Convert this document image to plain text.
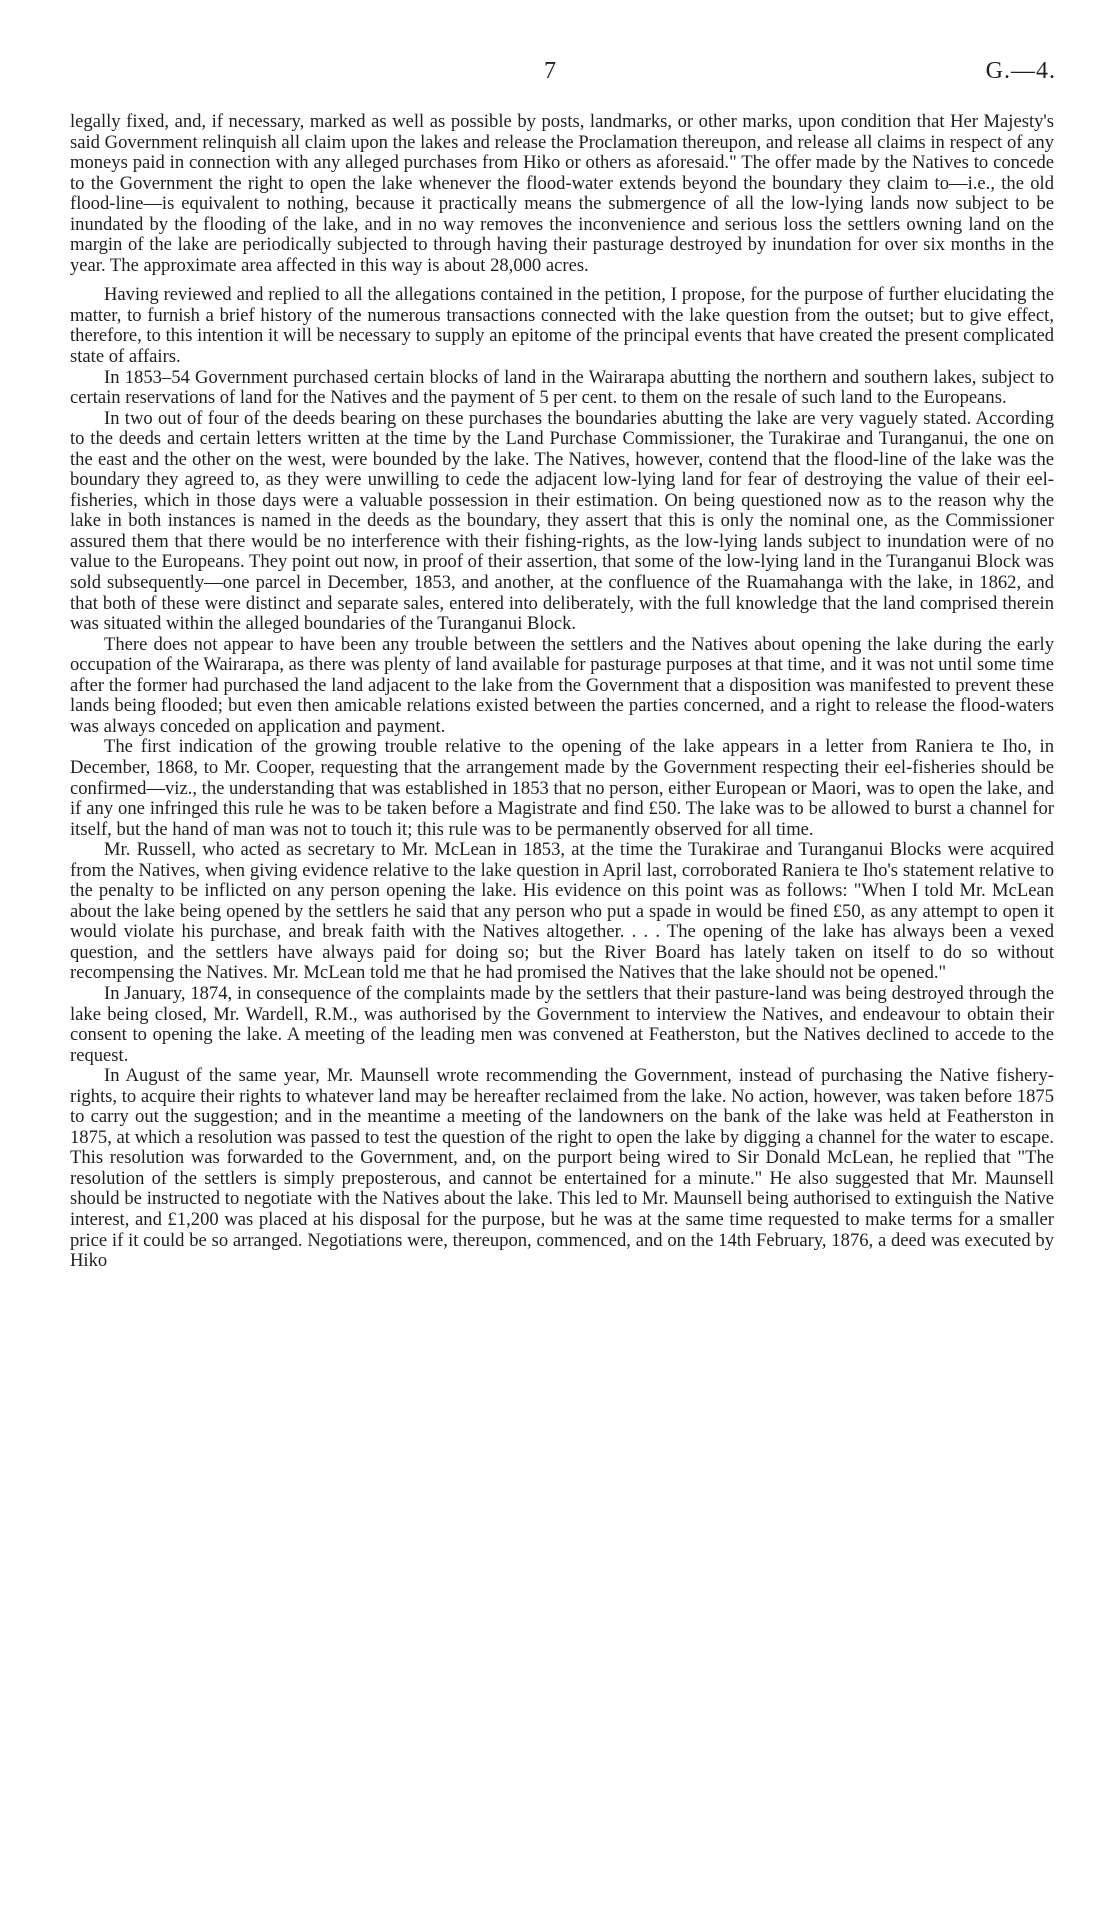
7	G.—4.

legally fixed, and, if necessary, marked as well as possible by posts, landmarks, or other marks, upon condition that Her Majesty's said Government relinquish all claim upon the lakes and release the Proclamation thereupon, and release all claims in respect of any moneys paid in connection with any alleged purchases from Hiko or others as aforesaid." The offer made by the Natives to concede to the Government the right to open the lake whenever the flood-water extends beyond the boundary they claim to—i.e., the old flood-line—is equivalent to nothing, because it practically means the submergence of all the low-lying lands now subject to be inundated by the flooding of the lake, and in no way removes the inconvenience and serious loss the settlers owning land on the margin of the lake are periodically subjected to through having their pasturage destroyed by inundation for over six months in the year. The approximate area affected in this way is about 28,000 acres.

Having reviewed and replied to all the allegations contained in the petition, I propose, for the purpose of further elucidating the matter, to furnish a brief history of the numerous transactions connected with the lake question from the outset; but to give effect, therefore, to this intention it will be necessary to supply an epitome of the principal events that have created the present complicated state of affairs.

In 1853–54 Government purchased certain blocks of land in the Wairarapa abutting the northern and southern lakes, subject to certain reservations of land for the Natives and the payment of 5 per cent. to them on the resale of such land to the Europeans.

In two out of four of the deeds bearing on these purchases the boundaries abutting the lake are very vaguely stated. According to the deeds and certain letters written at the time by the Land Purchase Commissioner, the Turakirae and Turanganui, the one on the east and the other on the west, were bounded by the lake. The Natives, however, contend that the flood-line of the lake was the boundary they agreed to, as they were unwilling to cede the adjacent low-lying land for fear of destroying the value of their eel-fisheries, which in those days were a valuable possession in their estimation. On being questioned now as to the reason why the lake in both instances is named in the deeds as the boundary, they assert that this is only the nominal one, as the Commissioner assured them that there would be no interference with their fishing-rights, as the low-lying lands subject to inundation were of no value to the Europeans. They point out now, in proof of their assertion, that some of the low-lying land in the Turanganui Block was sold subsequently—one parcel in December, 1853, and another, at the confluence of the Ruamahanga with the lake, in 1862, and that both of these were distinct and separate sales, entered into deliberately, with the full knowledge that the land comprised therein was situated within the alleged boundaries of the Turanganui Block.

There does not appear to have been any trouble between the settlers and the Natives about opening the lake during the early occupation of the Wairarapa, as there was plenty of land available for pasturage purposes at that time, and it was not until some time after the former had purchased the land adjacent to the lake from the Government that a disposition was manifested to prevent these lands being flooded; but even then amicable relations existed between the parties concerned, and a right to release the flood-waters was always conceded on application and payment.

The first indication of the growing trouble relative to the opening of the lake appears in a letter from Raniera te Iho, in December, 1868, to Mr. Cooper, requesting that the arrangement made by the Government respecting their eel-fisheries should be confirmed—viz., the understanding that was established in 1853 that no person, either European or Maori, was to open the lake, and if any one infringed this rule he was to be taken before a Magistrate and find £50. The lake was to be allowed to burst a channel for itself, but the hand of man was not to touch it; this rule was to be permanently observed for all time.

Mr. Russell, who acted as secretary to Mr. McLean in 1853, at the time the Turakirae and Turanganui Blocks were acquired from the Natives, when giving evidence relative to the lake question in April last, corroborated Raniera te Iho's statement relative to the penalty to be inflicted on any person opening the lake. His evidence on this point was as follows: "When I told Mr. McLean about the lake being opened by the settlers he said that any person who put a spade in would be fined £50, as any attempt to open it would violate his purchase, and break faith with the Natives altogether. . . . The opening of the lake has always been a vexed question, and the settlers have always paid for doing so; but the River Board has lately taken on itself to do so without recompensing the Natives. Mr. McLean told me that he had promised the Natives that the lake should not be opened."

In January, 1874, in consequence of the complaints made by the settlers that their pasture-land was being destroyed through the lake being closed, Mr. Wardell, R.M., was authorised by the Government to interview the Natives, and endeavour to obtain their consent to opening the lake. A meeting of the leading men was convened at Featherston, but the Natives declined to accede to the request.

In August of the same year, Mr. Maunsell wrote recommending the Government, instead of purchasing the Native fishery-rights, to acquire their rights to whatever land may be hereafter reclaimed from the lake. No action, however, was taken before 1875 to carry out the suggestion; and in the meantime a meeting of the landowners on the bank of the lake was held at Featherston in 1875, at which a resolution was passed to test the question of the right to open the lake by digging a channel for the water to escape. This resolution was forwarded to the Government, and, on the purport being wired to Sir Donald McLean, he replied that "The resolution of the settlers is simply preposterous, and cannot be entertained for a minute." He also suggested that Mr. Maunsell should be instructed to negotiate with the Natives about the lake. This led to Mr. Maunsell being authorised to extinguish the Native interest, and £1,200 was placed at his disposal for the purpose, but he was at the same time requested to make terms for a smaller price if it could be so arranged. Negotiations were, thereupon, commenced, and on the 14th February, 1876, a deed was executed by Hiko
